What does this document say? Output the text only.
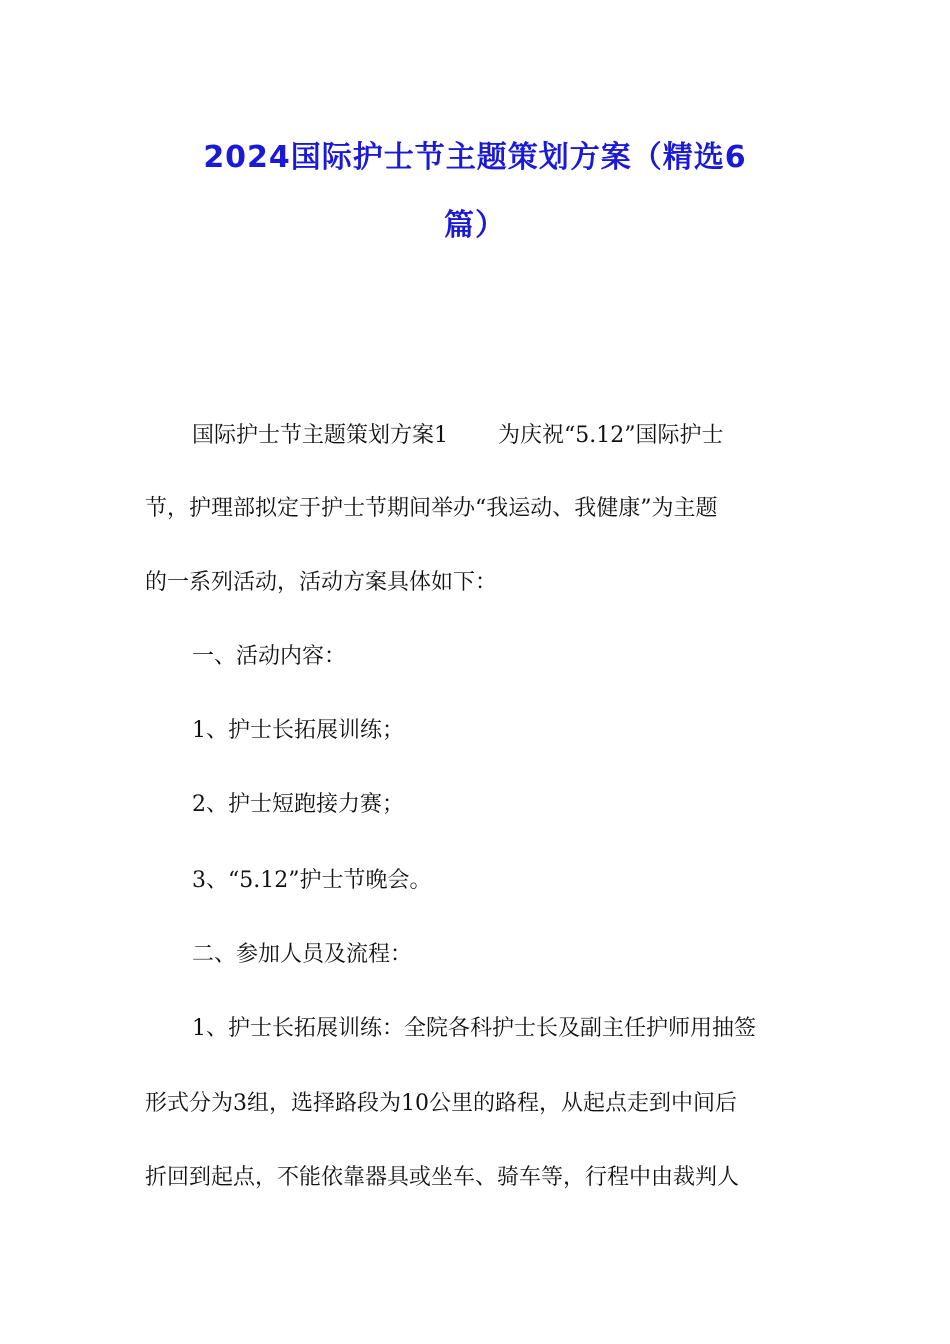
2024国际护士节主题策划方案（精选6
篇）
国际护士节主题策划方案1 为庆祝“5.12”国际护士
节，护理部拟定于护士节期间举办“我运动、我健康”为主题
的一系列活动，活动方案具体如下：
一、活动内容：
1、护士长拓展训练；
2、护士短跑接力赛；
3、“5.12”护士节晚会。
二、参加人员及流程：
1、护士长拓展训练：全院各科护士长及副主任护师用抽签
形式分为3组，选择路段为10公里的路程，从起点走到中间后
折回到起点，不能依靠器具或坐车、骑车等，行程中由裁判人
